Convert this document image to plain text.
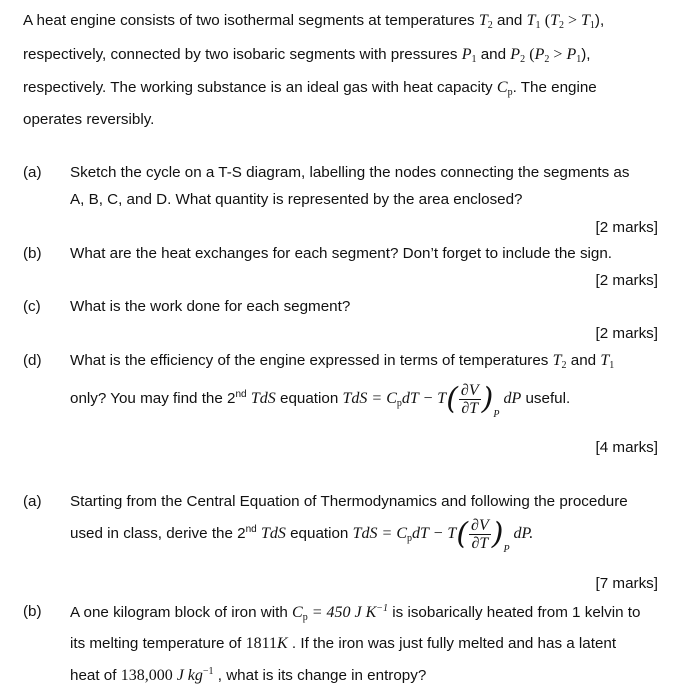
A heat engine consists of two isothermal segments at temperatures $T_2$ and $T_1$ $(T_2 > T_1)$,
respectively, connected by two isobaric segments with pressures $P_1$ and $P_2$ $(P_2 > P_1)$,
respectively. The working substance is an ideal gas with heat capacity $C_p$. The engine
operates reversibly.
(a) Sketch the cycle on a T-S diagram, labelling the nodes connecting the segments as
A, B, C, and D. What quantity is represented by the area enclosed?
[2 marks]
(b) What are the heat exchanges for each segment? Don’t forget to include the sign.
[2 marks]
(c) What is the work done for each segment?
[2 marks]
(d) What is the efficiency of the engine expressed in terms of temperatures $T_2$ and $T_1$
only? You may find the 2nd TdS equation TdS = $C_pdT - T( \frac{\partial V}{\partial T} )_P$ dP useful.
[4 marks]
(a) Starting from the Central Equation of Thermodynamics and following the procedure
used in class, derive the 2nd TdS equation TdS = $C_pdT - T( \frac{\partial V}{\partial T} )_P$ dP.
[7 marks]
(b) A one kilogram block of iron with $C_p = 450$ J $K^{-1}$ is isobarically heated from 1 kelvin to
its melting temperature of 1811K . If the iron was just fully melted and has a latent
heat of 138,000 J $kg^{-1}$ , what is its change in entropy?
